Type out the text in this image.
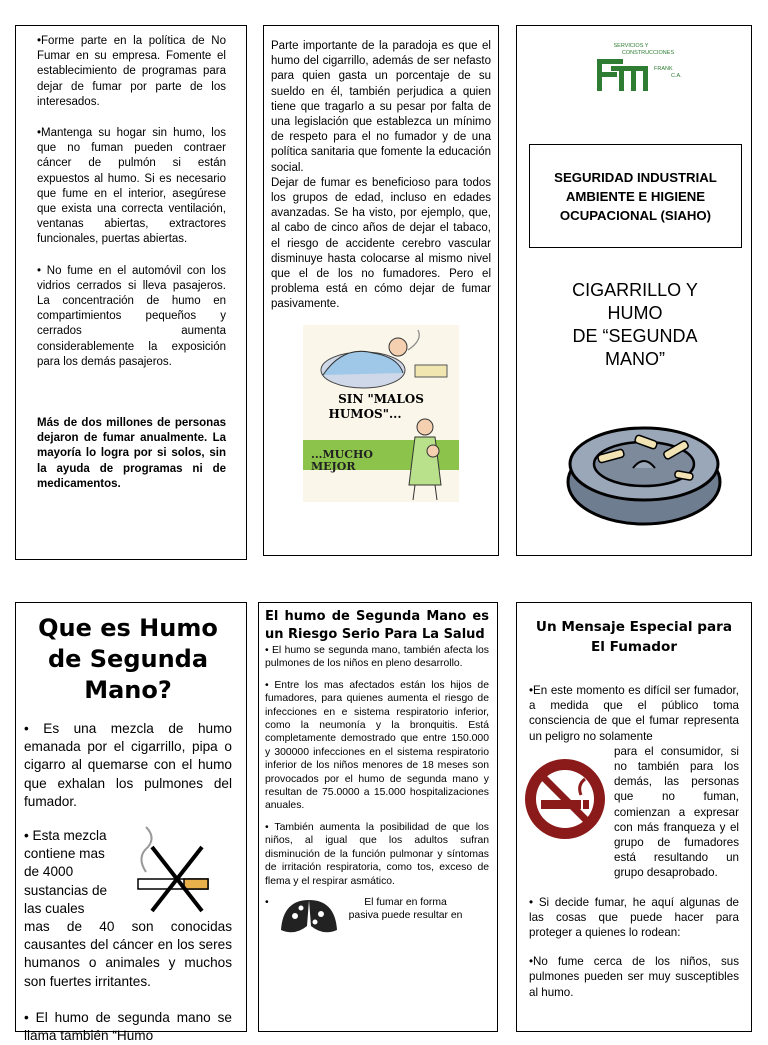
•Forme parte en la política de No Fumar en su empresa. Fomente el establecimiento de programas para dejar de fumar por parte de los interesados.

•Mantenga su hogar sin humo, los que no fuman pueden contraer cáncer de pulmón si están expuestos al humo. Si es necesario que fume en el interior, asegúrese que exista una correcta ventilación, ventanas abiertas, extractores funcionales, puertas abiertas.

• No fume en el automóvil con los vidrios cerrados si lleva pasajeros. La concentración de humo en compartimientos pequeños y cerrados aumenta considerablemente la exposición para los demás pasajeros.

Más de dos millones de personas dejaron de fumar anualmente. La mayoría lo logra por si solos, sin la ayuda de programas ni de medicamentos.

Parte importante de la paradoja es que el humo del cigarrillo, además de ser nefasto para quien gasta un porcentaje de su sueldo en él, también perjudica a quien tiene que tragarlo a su pesar por falta de una legislación que establezca un mínimo de respeto para el no fumador y de una política sanitaria que fomente la educación social.

Dejar de fumar es beneficioso para todos los grupos de edad, incluso en edades avanzadas. Se ha visto, por ejemplo, que, al cabo de cinco años de dejar el tabaco, el riesgo de accidente cerebro vascular disminuye hasta colocarse al mismo nivel que el de los no fumadores. Pero el problema está en cómo dejar de fumar pasivamente.

SIN "MALOS
HUMOS"...
...MUCHO
MEJOR
SERVICIOS Y
CONSTRUCCIONES
FRANK
C.A.
SEGURIDAD INDUSTRIAL
AMBIENTE E HIGIENE
OCUPACIONAL (SIAHO)
CIGARRILLO Y
HUMO
DE “SEGUNDA
MANO”
Que es Humo de Segunda Mano?

• Es una mezcla de humo emanada por el cigarrillo, pipa o cigarro al quemarse con el humo que exhalan los pulmones del fumador.

• Esta mezcla contiene mas de 4000 sustancias de las cuales

mas de 40 son conocidas causantes del cáncer en los seres humanos o animales y muchos son fuertes irritantes.

• El humo de segunda mano se llama también “Humo

El humo de Segunda Mano es un Riesgo Serio Para La Salud

• El humo se segunda mano, también afecta los pulmones de los niños en pleno desarrollo.

• Entre los mas afectados están los hijos de fumadores, para quienes aumenta el riesgo de infecciones en e sistema respiratorio inferior, como la neumonía y la bronquitis. Está completamente demostrado que entre 150.000 y 300000 infecciones en el sistema respiratorio inferior de los niños menores de 18 meses son provocados por el humo de segunda mano y resultan de 75.0000 a 15.000 hospitalizaciones anuales.

• También aumenta la posibilidad de que los niños, al igual que los adultos sufran disminución de la función pulmonar y síntomas de irritación respiratoria, como tos, exceso de flema y el respirar asmático.

•	El fumar en forma
pasiva puede resultar en
Un Mensaje Especial para El Fumador

•En este momento es difícil ser fumador, a medida que el público toma consciencia de que el fumar representa un peligro no solamente

para el consumidor, si no también para los demás, las personas que no fuman, comienzan a expresar con más franqueza y el grupo de fumadores está resultando un grupo desaprobado.

• Si decide fumar, he aquí algunas de las cosas que puede hacer para proteger a quienes lo rodean:

•No fume cerca de los niños, sus pulmones pueden ser muy susceptibles al humo.
